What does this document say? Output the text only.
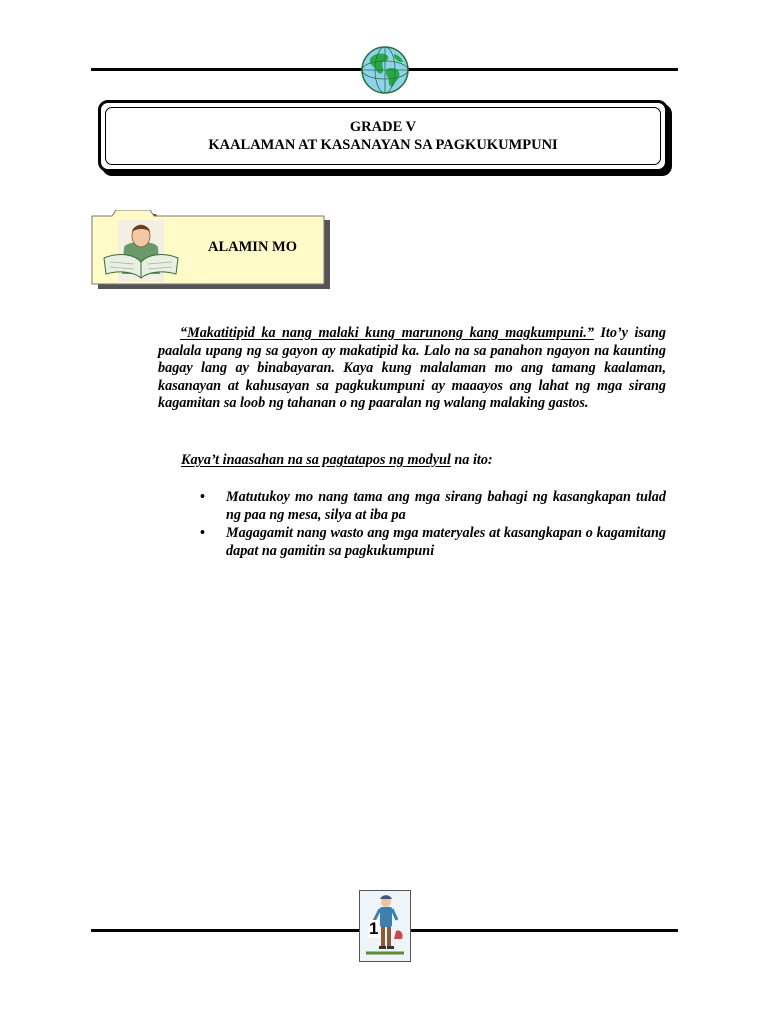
GRADE V
KAALAMAN AT KASANAYAN SA PAGKUKUMPUNI
ALAMIN MO

“Makatitipid ka nang malaki kung marunong kang magkumpuni.” Ito’y isang paalala upang ng sa gayon ay makatipid ka. Lalo na sa panahon ngayon na kaunting bagay lang ay binabayaran. Kaya kung malalaman mo ang tamang kaalaman, kasanayan at kahusayan sa pagkukumpuni ay maaayos ang lahat ng mga sirang kagamitan sa loob ng tahanan o ng paaralan ng walang malaking gastos.

Kaya’t inaasahan na sa pagtatapos ng modyul na ito:

• Matutukoy mo nang tama ang mga sirang bahagi ng kasangkapan tulad ng paa ng mesa, silya at iba pa
• Magagamit nang wasto ang mga materyales at kasangkapan o kagamitang dapat na gamitin sa pagkukumpuni
1
